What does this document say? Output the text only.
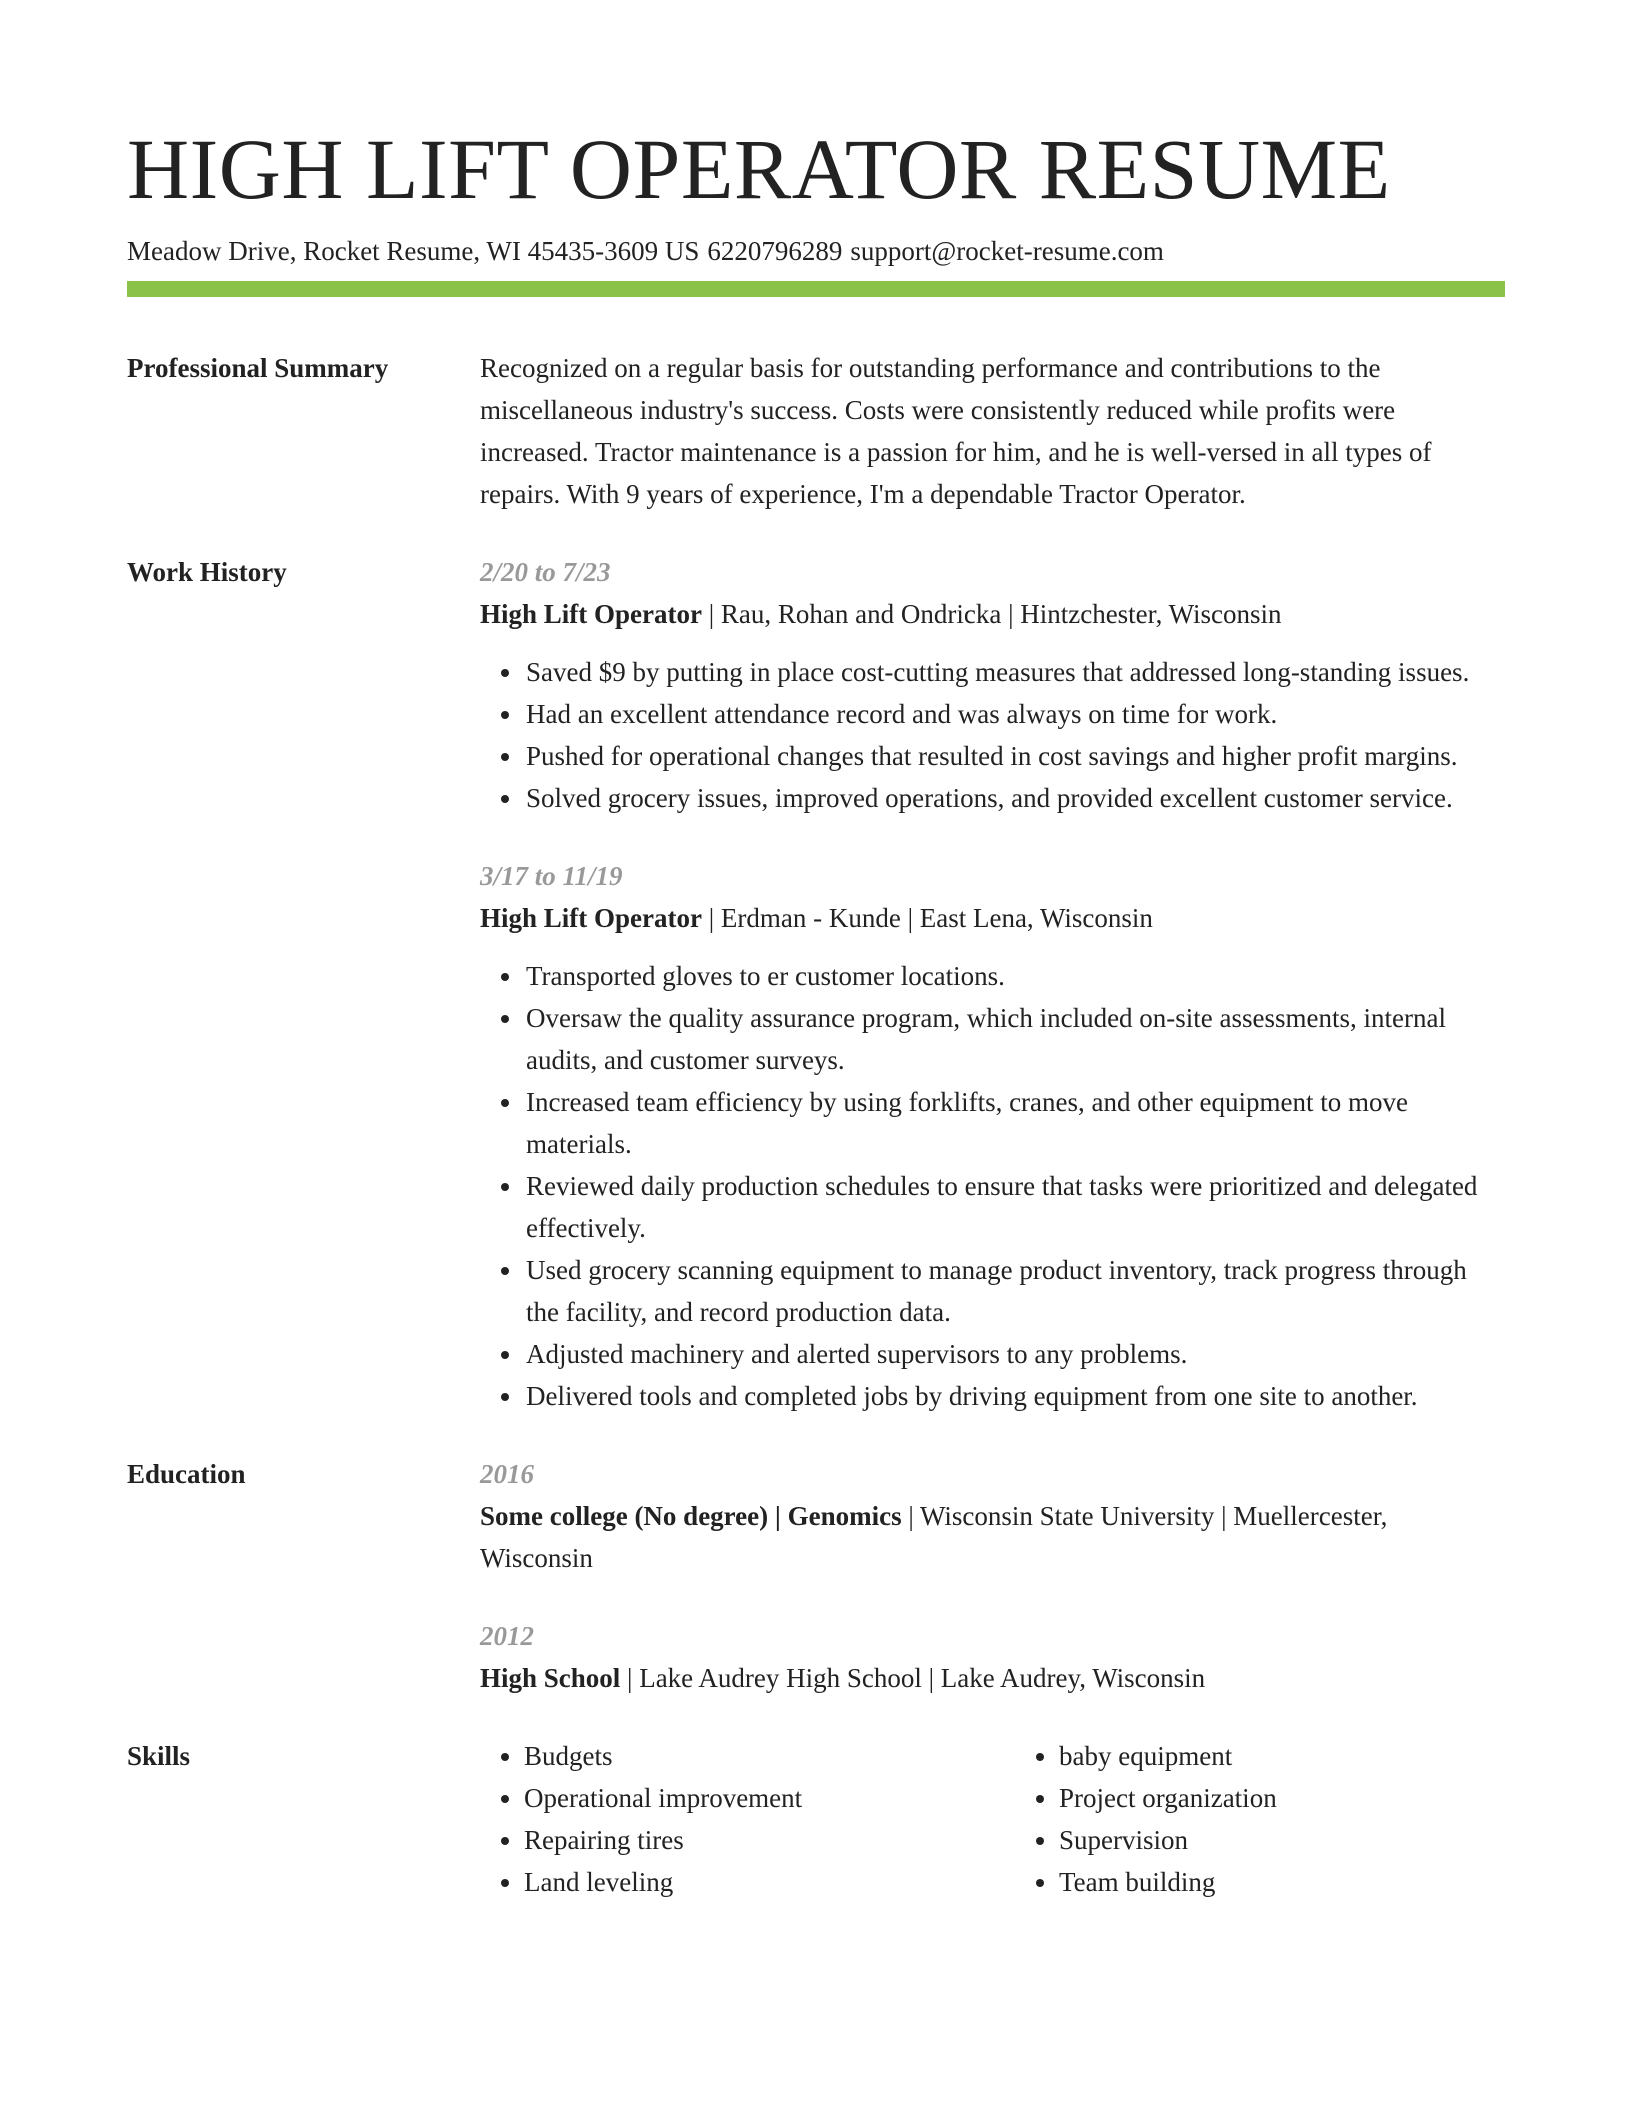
HIGH LIFT OPERATOR RESUME
Meadow Drive, Rocket Resume, WI 45435-3609 US 6220796289 support@rocket-resume.com
Professional Summary	Recognized on a regular basis for outstanding performance and contributions to the miscellaneous industry's success. Costs were consistently reduced while profits were increased. Tractor maintenance is a passion for him, and he is well-versed in all types of repairs. With 9 years of experience, I'm a dependable Tractor Operator.
Work History	2/20 to 7/23
High Lift Operator | Rau, Rohan and Ondricka | Hintzchester, Wisconsin
• Saved $9 by putting in place cost-cutting measures that addressed long-standing issues.
• Had an excellent attendance record and was always on time for work.
• Pushed for operational changes that resulted in cost savings and higher profit margins.
• Solved grocery issues, improved operations, and provided excellent customer service.
3/17 to 11/19
High Lift Operator | Erdman - Kunde | East Lena, Wisconsin
• Transported gloves to er customer locations.
• Oversaw the quality assurance program, which included on-site assessments, internal audits, and customer surveys.
• Increased team efficiency by using forklifts, cranes, and other equipment to move materials.
• Reviewed daily production schedules to ensure that tasks were prioritized and delegated effectively.
• Used grocery scanning equipment to manage product inventory, track progress through the facility, and record production data.
• Adjusted machinery and alerted supervisors to any problems.
• Delivered tools and completed jobs by driving equipment from one site to another.
Education	2016
Some college (No degree) | Genomics | Wisconsin State University | Muellercester, Wisconsin
2012
High School | Lake Audrey High School | Lake Audrey, Wisconsin
Skills
•	Budgets
• Operational improvement
• Repairing tires
• Land leveling
• baby equipment
• Project organization
• Supervision
• Team building
